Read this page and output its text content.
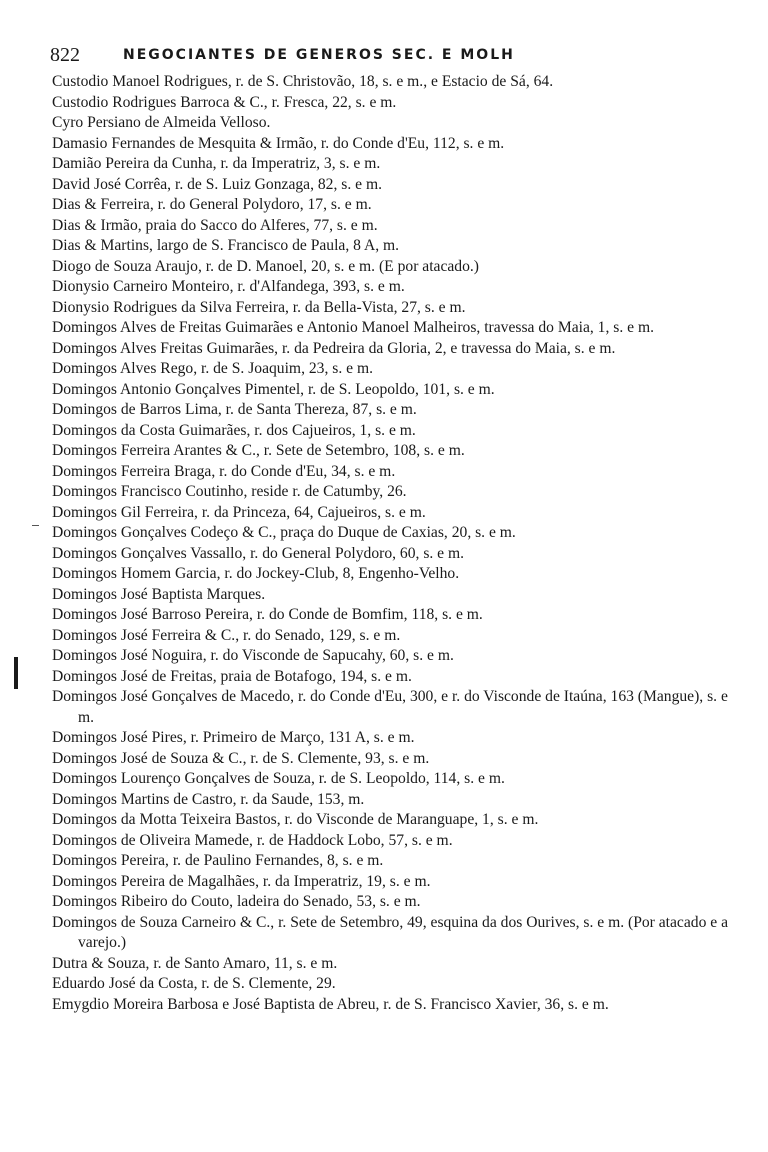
822	NEGOCIANTES DE GENEROS SEC. E MOLH

Custodio Manoel Rodrigues, r. de S. Christovão, 18, s. e m., e Estacio de Sá, 64.

Custodio Rodrigues Barroca & C., r. Fresca, 22, s. e m.

Cyro Persiano de Almeida Velloso.

Damasio Fernandes de Mesquita & Irmão, r. do Conde d'Eu, 112, s. e m.

Damião Pereira da Cunha, r. da Imperatriz, 3, s. e m.

David José Corrêa, r. de S. Luiz Gonzaga, 82, s. e m.

Dias & Ferreira, r. do General Polydoro, 17, s. e m.

Dias & Irmão, praia do Sacco do Alferes, 77, s. e m.

Dias & Martins, largo de S. Francisco de Paula, 8 A, m.

Diogo de Souza Araujo, r. de D. Manoel, 20, s. e m. (E por atacado.)

Dionysio Carneiro Monteiro, r. d'Alfandega, 393, s. e m.

Dionysio Rodrigues da Silva Ferreira, r. da Bella-Vista, 27, s. e m.

Domingos Alves de Freitas Guimarães e Antonio Manoel Malheiros, travessa do Maia, 1, s. e m.

Domingos Alves Freitas Guimarães, r. da Pedreira da Gloria, 2, e travessa do Maia, s. e m.

Domingos Alves Rego, r. de S. Joaquim, 23, s. e m.

Domingos Antonio Gonçalves Pimentel, r. de S. Leopoldo, 101, s. e m.

Domingos de Barros Lima, r. de Santa Thereza, 87, s. e m.

Domingos da Costa Guimarães, r. dos Cajueiros, 1, s. e m.

Domingos Ferreira Arantes & C., r. Sete de Setembro, 108, s. e m.

Domingos Ferreira Braga, r. do Conde d'Eu, 34, s. e m.

Domingos Francisco Coutinho, reside r. de Catumby, 26.

Domingos Gil Ferreira, r. da Princeza, 64, Cajueiros, s. e m.

Domingos Gonçalves Codeço & C., praça do Duque de Caxias, 20, s. e m.

Domingos Gonçalves Vassallo, r. do General Polydoro, 60, s. e m.

Domingos Homem Garcia, r. do Jockey-Club, 8, Engenho-Velho.

Domingos José Baptista Marques.

Domingos José Barroso Pereira, r. do Conde de Bomfim, 118, s. e m.

Domingos José Ferreira & C., r. do Senado, 129, s. e m.

Domingos José Noguira, r. do Visconde de Sapucahy, 60, s. e m.

Domingos José de Freitas, praia de Botafogo, 194, s. e m.

Domingos José Gonçalves de Macedo, r. do Conde d'Eu, 300, e r. do Visconde de Itaúna, 163 (Mangue), s. e m.

Domingos José Pires, r. Primeiro de Março, 131 A, s. e m.

Domingos José de Souza & C., r. de S. Clemente, 93, s. e m.

Domingos Lourenço Gonçalves de Souza, r. de S. Leopoldo, 114, s. e m.

Domingos Martins de Castro, r. da Saude, 153, m.

Domingos da Motta Teixeira Bastos, r. do Visconde de Maranguape, 1, s. e m.

Domingos de Oliveira Mamede, r. de Haddock Lobo, 57, s. e m.

Domingos Pereira, r. de Paulino Fernandes, 8, s. e m.

Domingos Pereira de Magalhães, r. da Imperatriz, 19, s. e m.

Domingos Ribeiro do Couto, ladeira do Senado, 53, s. e m.

Domingos de Souza Carneiro & C., r. Sete de Setembro, 49, esquina da dos Ourives, s. e m. (Por atacado e a varejo.)

Dutra & Souza, r. de Santo Amaro, 11, s. e m.

Eduardo José da Costa, r. de S. Clemente, 29.

Emygdio Moreira Barbosa e José Baptista de Abreu, r. de S. Francisco Xavier, 36, s. e m.
